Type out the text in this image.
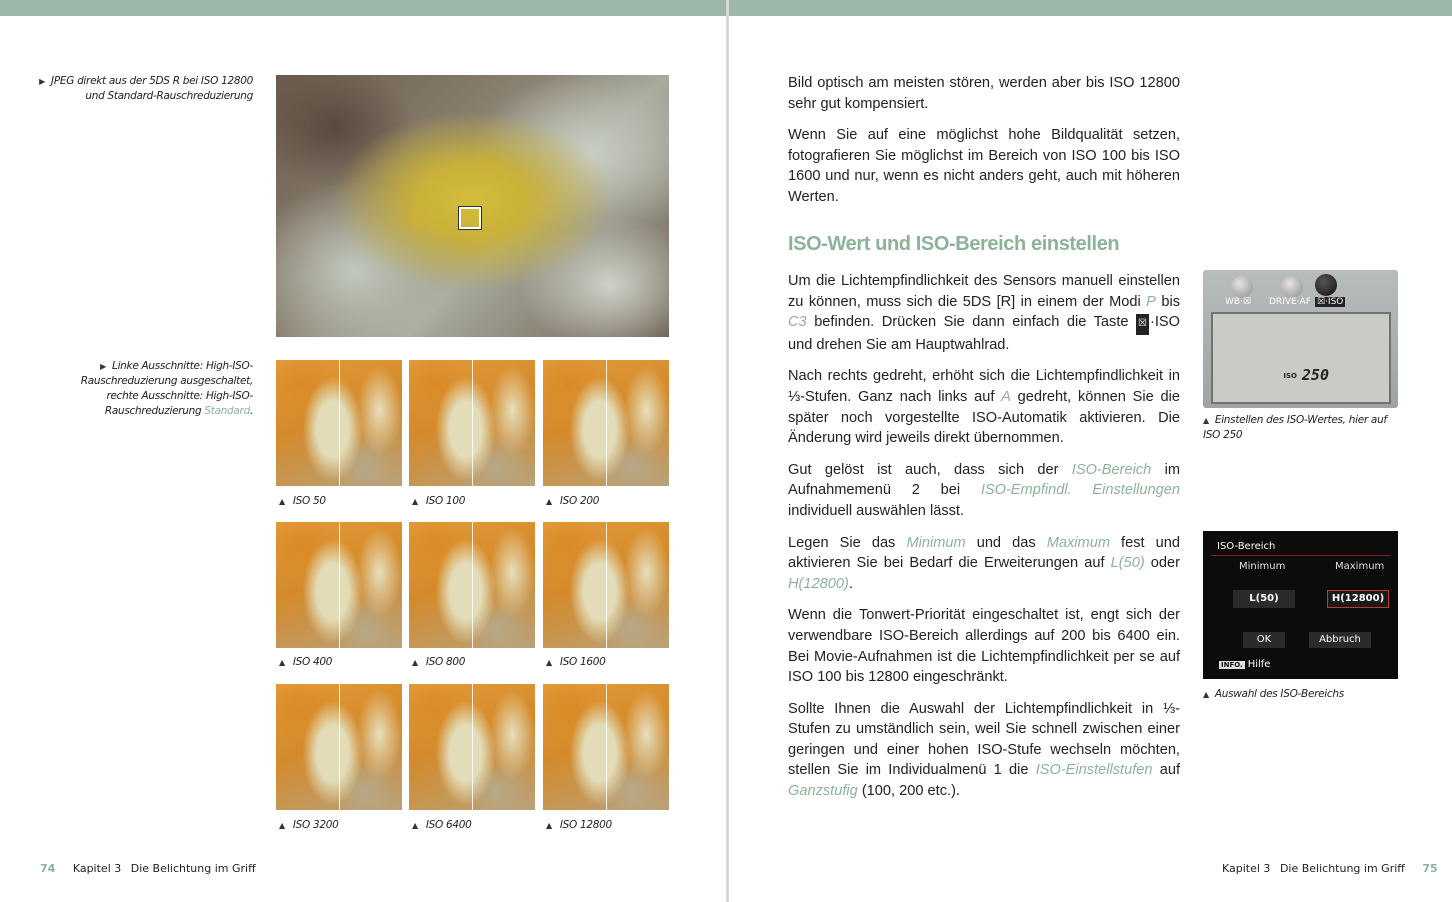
▶ JPEG direkt aus der 5DS R bei ISO 12800
und Standard-Rauschreduzierung
▶ Linke Ausschnitte: High-ISO-
Rauschreduzierung ausgeschaltet,
rechte Ausschnitte: High-ISO-
Rauschreduzierung Standard.
▲ ISO 50	▲ ISO 100	▲ ISO 200
▲ ISO 400	▲ ISO 800	▲ ISO 1600
▲ ISO 3200	▲ ISO 6400	▲ ISO 12800
74 Kapitel 3 Die Belichtung im Griff

Bild optisch am meisten stören, werden aber bis ISO 12800 sehr gut kompensiert.

Wenn Sie auf eine möglichst hohe Bildqualität setzen, fotografieren Sie möglichst im Bereich von ISO 100 bis ISO 1600 und nur, wenn es nicht anders geht, auch mit höheren Werten.

ISO-Wert und ISO-Bereich einstellen

Um die Lichtempfindlichkeit des Sensors manuell einstellen zu können, muss sich die 5DS [R] in einem der Modi P bis C3 befinden. Drücken Sie dann einfach die Taste ☒ ·ISO und drehen Sie am Hauptwahlrad.

Nach rechts gedreht, erhöht sich die Lichtempfindlichkeit in ⅓-Stufen. Ganz nach links auf A gedreht, können Sie die später noch vorgestellte ISO-Automatik aktivieren. Die Änderung wird jeweils direkt übernommen.

Gut gelöst ist auch, dass sich der ISO-Bereich im Aufnahmemenü 2 bei ISO-Empfindl. Einstellungen individuell auswählen lässt.

Legen Sie das Minimum und das Maximum fest und aktivieren Sie bei Bedarf die Erweiterungen auf L(50) oder H(12800).

Wenn die Tonwert-Priorität eingeschaltet ist, engt sich der verwendbare ISO-Bereich allerdings auf 200 bis 6400 ein. Bei Movie-Aufnahmen ist die Lichtempfindlichkeit per se auf ISO 100 bis 12800 eingeschränkt.

Sollte Ihnen die Auswahl der Lichtempfindlichkeit in ⅓-Stufen zu umständlich sein, weil Sie schnell zwischen einer geringen und einer hohen ISO-Stufe wechseln möchten, stellen Sie im Individualmenü 1 die ISO-Einstellstufen auf Ganzstufig (100, 200 etc.).

WB·☒ DRIVE·AF ☒·ISO
ISO 250
▲ Einstellen des ISO-Wertes, hier auf
ISO 250
ISO-Bereich
Minimum	Maximum
L(50)	H(12800)
OK	Abbruch
INFO. Hilfe
▲ Auswahl des ISO-Bereichs
Kapitel 3 Die Belichtung im Griff 75
